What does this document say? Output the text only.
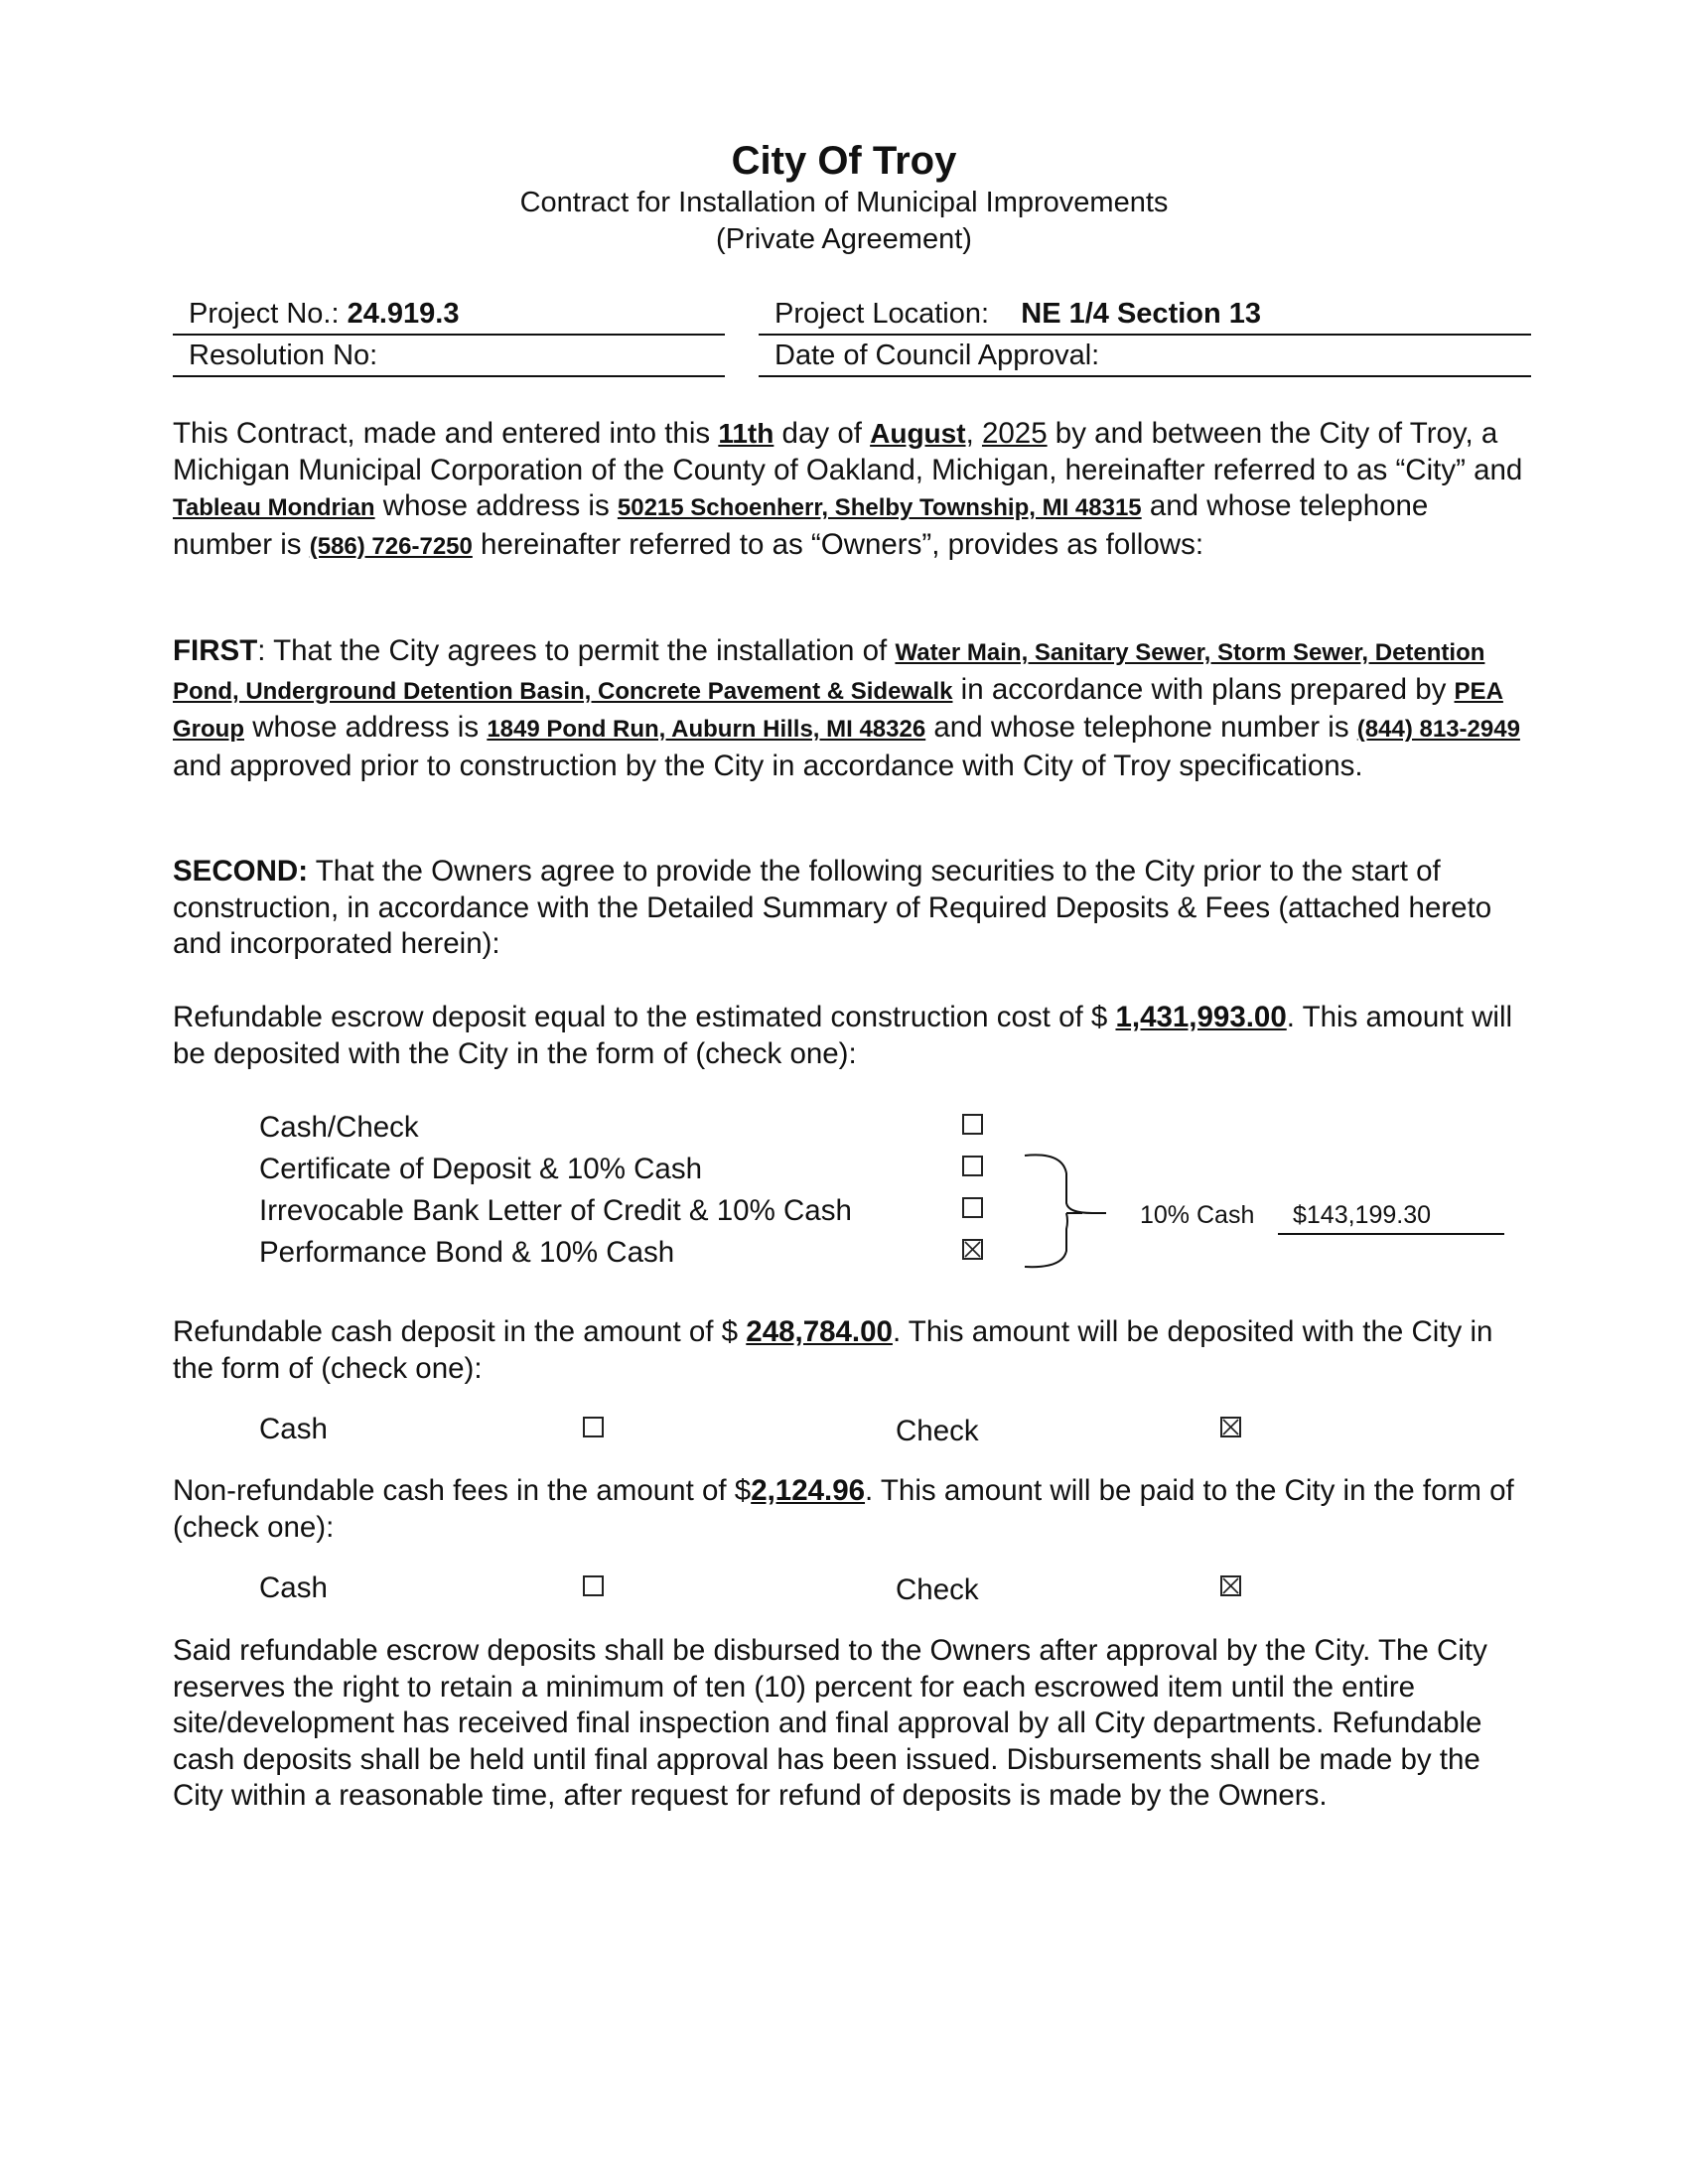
City Of Troy
Contract for Installation of Municipal Improvements
(Private Agreement)
Project No.: 24.919.3
Resolution No:
Project Location: NE 1/4 Section 13
Date of Council Approval:
This Contract, made and entered into this 11th day of August, 2025 by and between the City of Troy, a Michigan Municipal Corporation of the County of Oakland, Michigan, hereinafter referred to as “City” and Tableau Mondrian whose address is 50215 Schoenherr, Shelby Township, MI 48315 and whose telephone number is (586) 726-7250 hereinafter referred to as “Owners”, provides as follows:
FIRST: That the City agrees to permit the installation of Water Main, Sanitary Sewer, Storm Sewer, Detention Pond, Underground Detention Basin, Concrete Pavement & Sidewalk in accordance with plans prepared by PEA Group whose address is 1849 Pond Run, Auburn Hills, MI 48326 and whose telephone number is (844) 813-2949 and approved prior to construction by the City in accordance with City of Troy specifications.
SECOND: That the Owners agree to provide the following securities to the City prior to the start of construction, in accordance with the Detailed Summary of Required Deposits & Fees (attached hereto and incorporated herein):
Refundable escrow deposit equal to the estimated construction cost of $ 1,431,993.00. This amount will be deposited with the City in the form of (check one):
Cash/Check
Certificate of Deposit & 10% Cash
Irrevocable Bank Letter of Credit & 10% Cash
Performance Bond & 10% Cash
10% Cash $143,199.30
Refundable cash deposit in the amount of $ 248,784.00. This amount will be deposited with the City in the form of (check one):
Cash	Check
Non-refundable cash fees in the amount of $2,124.96. This amount will be paid to the City in the form of (check one):
Cash	Check
Said refundable escrow deposits shall be disbursed to the Owners after approval by the City. The City reserves the right to retain a minimum of ten (10) percent for each escrowed item until the entire site/development has received final inspection and final approval by all City departments. Refundable cash deposits shall be held until final approval has been issued. Disbursements shall be made by the City within a reasonable time, after request for refund of deposits is made by the Owners.
